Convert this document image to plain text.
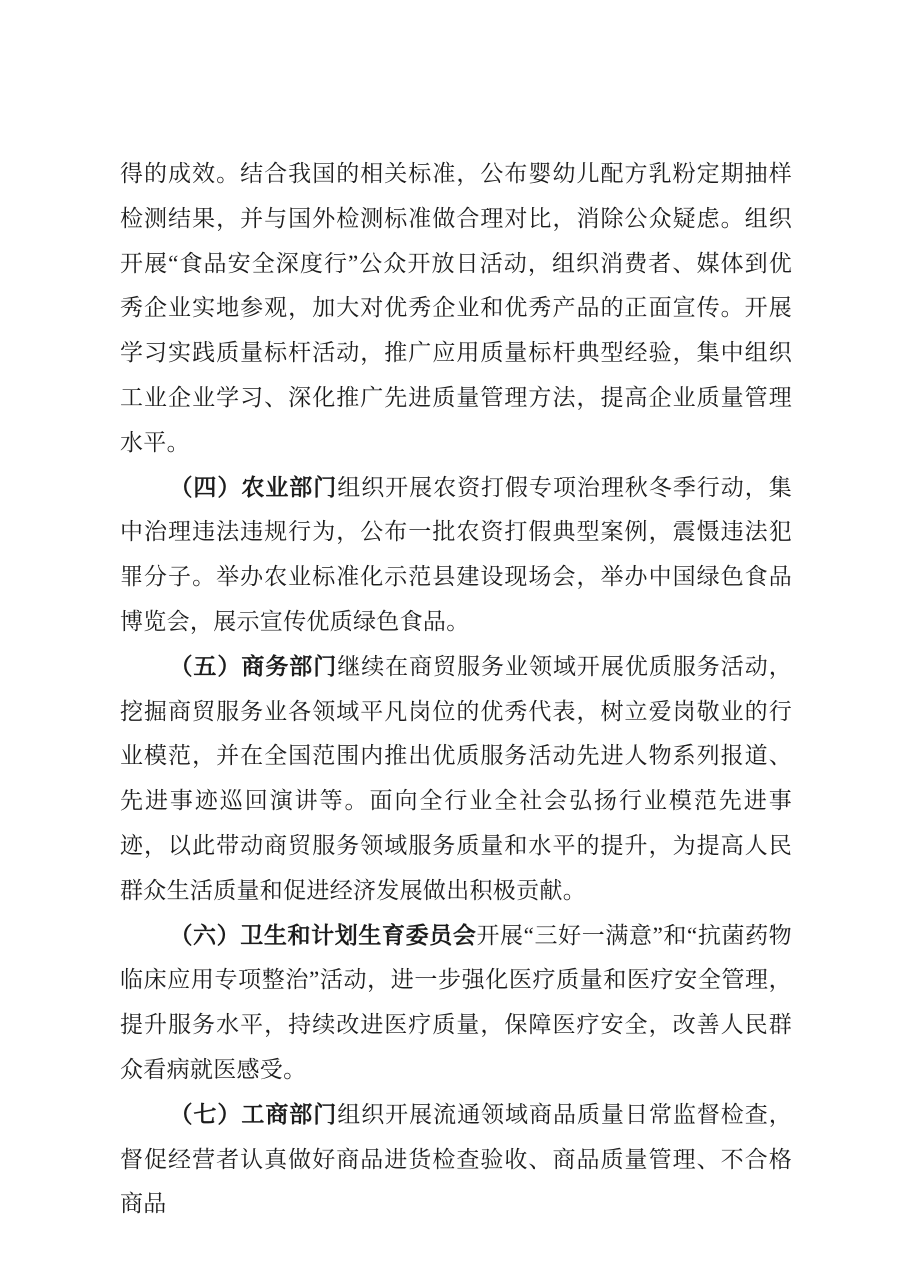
得的成效。结合我国的相关标准，公布婴幼儿配方乳粉定期抽样检测结果，并与国外检测标准做合理对比，消除公众疑虑。组织开展“食品安全深度行”公众开放日活动，组织消费者、媒体到优秀企业实地参观，加大对优秀企业和优秀产品的正面宣传。开展学习实践质量标杆活动，推广应用质量标杆典型经验，集中组织工业企业学习、深化推广先进质量管理方法，提高企业质量管理水平。

（四）农业部门组织开展农资打假专项治理秋冬季行动，集中治理违法违规行为，公布一批农资打假典型案例，震慑违法犯罪分子。举办农业标准化示范县建设现场会，举办中国绿色食品博览会，展示宣传优质绿色食品。

（五）商务部门继续在商贸服务业领域开展优质服务活动，挖掘商贸服务业各领域平凡岗位的优秀代表，树立爱岗敬业的行业模范，并在全国范围内推出优质服务活动先进人物系列报道、先进事迹巡回演讲等。面向全行业全社会弘扬行业模范先进事迹，以此带动商贸服务领域服务质量和水平的提升，为提高人民群众生活质量和促进经济发展做出积极贡献。

（六）卫生和计划生育委员会开展“三好一满意”和“抗菌药物临床应用专项整治”活动，进一步强化医疗质量和医疗安全管理，提升服务水平，持续改进医疗质量，保障医疗安全，改善人民群众看病就医感受。

（七）工商部门组织开展流通领域商品质量日常监督检查，督促经营者认真做好商品进货检查验收、商品质量管理、不合格商品
